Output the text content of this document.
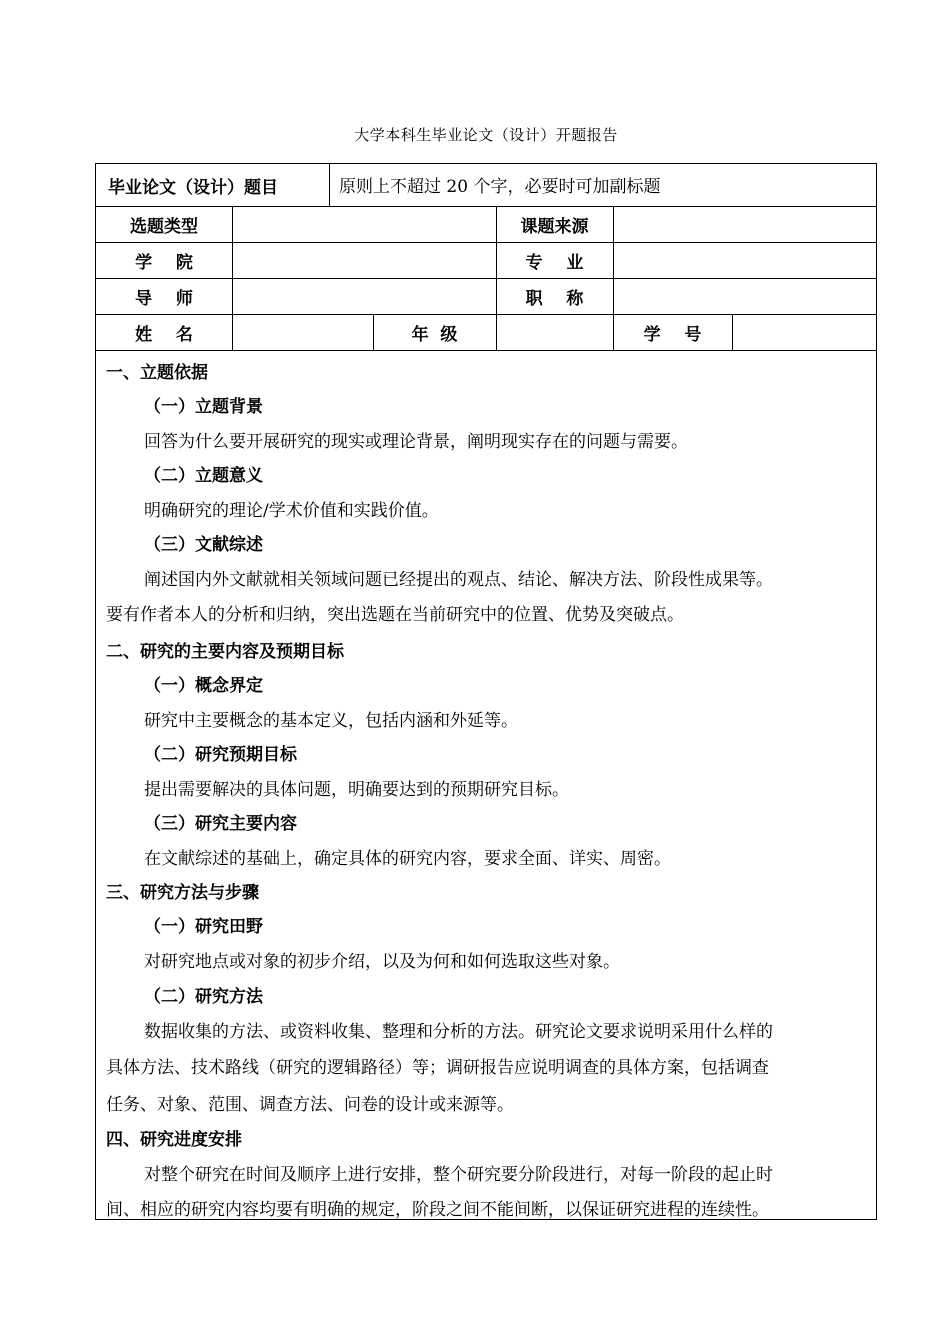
大学本科生毕业论文（设计）开题报告
毕业论文（设计）题目	原则上不超过 20 个字，必要时可加副标题
选题类型	课题来源
学    院	专    业
导    师	职    称
姓    名	年  级	学    号
一、立题依据
（一）立题背景
回答为什么要开展研究的现实或理论背景，阐明现实存在的问题与需要。
（二）立题意义
明确研究的理论/学术价值和实践价值。
（三）文献综述
阐述国内外文献就相关领域问题已经提出的观点、结论、解决方法、阶段性成果等。
要有作者本人的分析和归纳，突出选题在当前研究中的位置、优势及突破点。
二、研究的主要内容及预期目标
（一）概念界定
研究中主要概念的基本定义，包括内涵和外延等。
（二）研究预期目标
提出需要解决的具体问题，明确要达到的预期研究目标。
（三）研究主要内容
在文献综述的基础上，确定具体的研究内容，要求全面、详实、周密。
三、研究方法与步骤
（一）研究田野
对研究地点或对象的初步介绍，以及为何和如何选取这些对象。
（二）研究方法
数据收集的方法、或资料收集、整理和分析的方法。研究论文要求说明采用什么样的
具体方法、技术路线（研究的逻辑路径）等；调研报告应说明调查的具体方案，包括调查
任务、对象、范围、调查方法、问卷的设计或来源等。
四、研究进度安排
对整个研究在时间及顺序上进行安排，整个研究要分阶段进行，对每一阶段的起止时
间、相应的研究内容均要有明确的规定，阶段之间不能间断，以保证研究进程的连续性。
